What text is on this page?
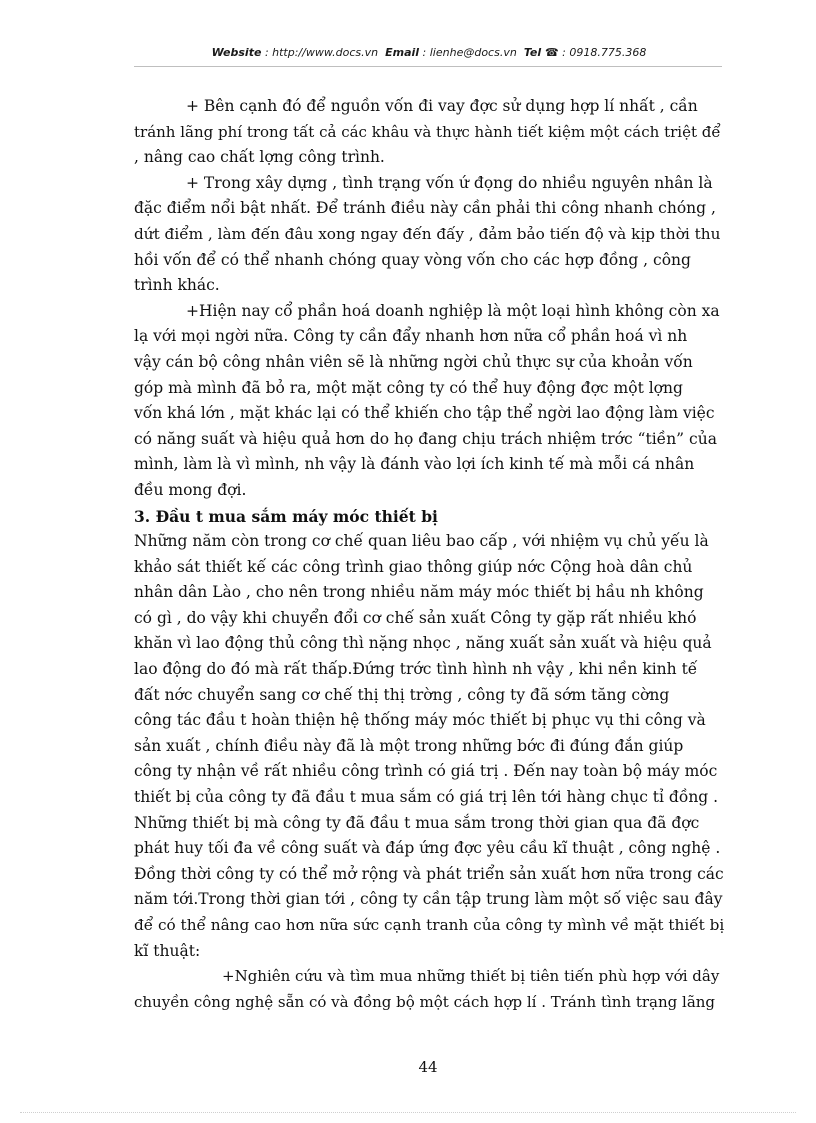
Website : http://www.docs.vn Email : lienhe@docs.vn Tel ☎ : 0918.775.368
+ Bên cạnh đó để nguồn vốn đi vay đợc sử dụng hợp lí nhất , cần
tránh lãng phí trong tất cả các khâu và thực hành tiết kiệm một cách triệt để
, nâng cao chất lợng công trình.
+ Trong xây dựng , tình trạng vốn ứ đọng do nhiều nguyên nhân là
đặc điểm nổi bật nhất. Để tránh điều này cần phải thi công nhanh chóng ,
dứt điểm , làm đến đâu xong ngay đến đấy , đảm bảo tiến độ và kịp thời thu
hồi vốn để có thể nhanh chóng quay vòng vốn cho các hợp đồng , công
trình khác.
+Hiện nay cổ phần hoá doanh nghiệp là một loại hình không còn xa
lạ với mọi ngời nữa. Công ty cần đẩy nhanh hơn nữa cổ phần hoá vì nh
vậy cán bộ công nhân viên sẽ là những ngời chủ thực sự của khoản vốn
góp mà mình đã bỏ ra, một mặt công ty có thể huy động đợc một lợng
vốn khá lớn , mặt khác lại có thể khiến cho tập thể ngời lao động làm việc
có năng suất và hiệu quả hơn do họ đang chịu trách nhiệm trớc “tiền” của
mình, làm là vì mình, nh vậy là đánh vào lợi ích kinh tế mà mỗi cá nhân
đều mong đợi.
3. Đầu t mua sắm máy móc thiết bị
Những năm còn trong cơ chế quan liêu bao cấp , với nhiệm vụ chủ yếu là
khảo sát thiết kế các công trình giao thông giúp nớc Cộng hoà dân chủ
nhân dân Lào , cho nên trong nhiều năm máy móc thiết bị hầu nh không
có gì , do vậy khi chuyển đổi cơ chế sản xuất Công ty gặp rất nhiều khó
khăn vì lao động thủ công thì nặng nhọc , năng xuất sản xuất và hiệu quả
lao động do đó mà rất thấp.Đứng trớc tình hình nh vậy , khi nền kinh tế
đất nớc chuyển sang cơ chế thị thị trờng , công ty đã sớm tăng cờng
công tác đầu t hoàn thiện hệ thống máy móc thiết bị phục vụ thi công và
sản xuất , chính điều này đã là một trong những bớc đi đúng đắn giúp
công ty nhận về rất nhiều công trình có giá trị . Đến nay toàn bộ máy móc
thiết bị của công ty đã đầu t mua sắm có giá trị lên tới hàng chục tỉ đồng .
Những thiết bị mà công ty đã đầu t mua sắm trong thời gian qua đã đợc
phát huy tối đa về công suất và đáp ứng đợc yêu cầu kĩ thuật , công nghệ .
Đồng thời công ty có thể mở rộng và phát triển sản xuất hơn nữa trong các
năm tới.Trong thời gian tới , công ty cần tập trung làm một số việc sau đây
để có thể nâng cao hơn nữa sức cạnh tranh của công ty mình về mặt thiết bị
kĩ thuật:
+Nghiên cứu và tìm mua những thiết bị tiên tiến phù hợp với dây
chuyền công nghệ sẵn có và đồng bộ một cách hợp lí . Tránh tình trạng lãng
44
